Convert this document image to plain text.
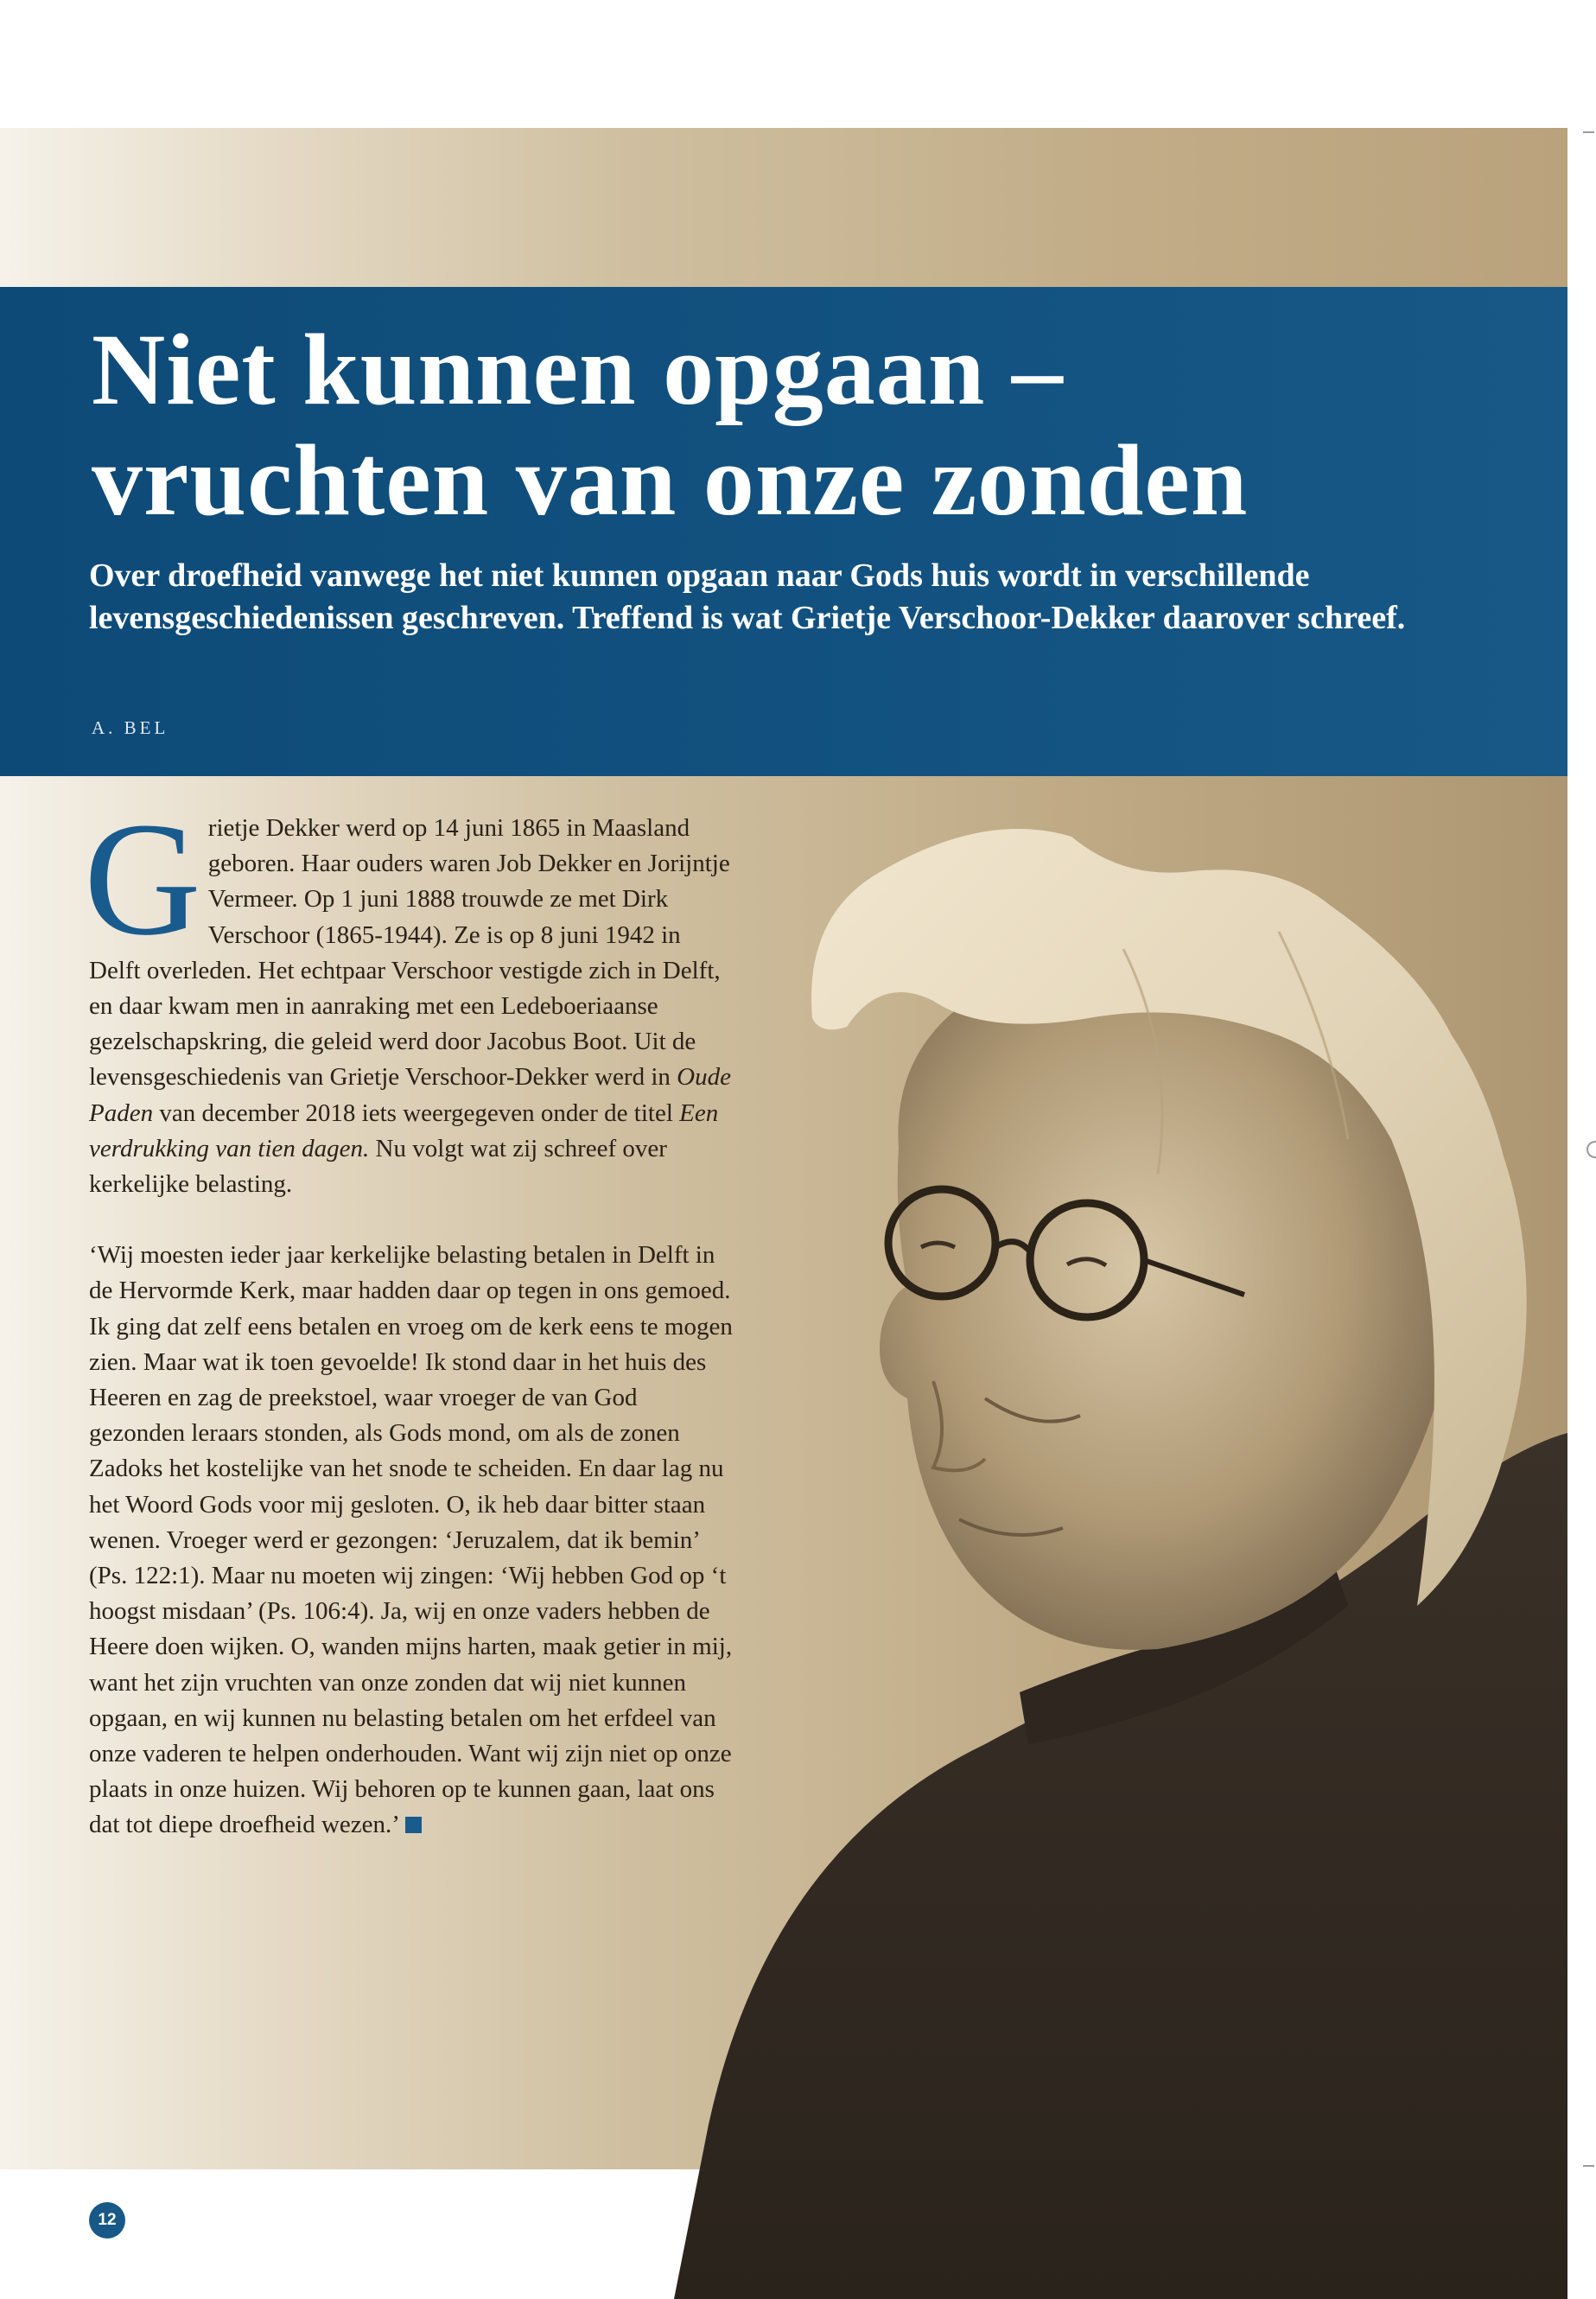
Niet kunnen opgaan –
vruchten van onze zonden

Over droefheid vanwege het niet kunnen opgaan naar Gods huis wordt in verschillende levensgeschiedenissen geschreven. Treffend is wat Grietje Verschoor-Dekker daarover schreef.

A. BEL

Grietje Dekker werd op 14 juni 1865 in Maasland geboren. Haar ouders waren Job Dekker en Jorijntje Vermeer. Op 1 juni 1888 trouwde ze met Dirk Verschoor (1865-1944). Ze is op 8 juni 1942 in Delft overleden. Het echtpaar Verschoor vestigde zich in Delft, en daar kwam men in aanraking met een Ledeboeriaanse gezelschapskring, die geleid werd door Jacobus Boot. Uit de levensgeschiedenis van Grietje Verschoor-Dekker werd in Oude Paden van december 2018 iets weergegeven onder de titel Een verdrukking van tien dagen. Nu volgt wat zij schreef over kerkelijke belasting.

‘Wij moesten ieder jaar kerkelijke belasting betalen in Delft in de Hervormde Kerk, maar hadden daar op tegen in ons gemoed. Ik ging dat zelf eens betalen en vroeg om de kerk eens te mogen zien. Maar wat ik toen gevoelde! Ik stond daar in het huis des Heeren en zag de preekstoel, waar vroeger de van God gezonden leraars stonden, als Gods mond, om als de zonen Zadoks het kostelijke van het snode te scheiden. En daar lag nu het Woord Gods voor mij gesloten. O, ik heb daar bitter staan wenen. Vroeger werd er gezongen: ‘Jeruzalem, dat ik bemin’ (Ps. 122:1). Maar nu moeten wij zingen: ‘Wij hebben God op ‘t hoogst misdaan’ (Ps. 106:4). Ja, wij en onze vaders hebben de Heere doen wijken. O, wanden mijns harten, maak getier in mij, want het zijn vruchten van onze zonden dat wij niet kunnen opgaan, en wij kunnen nu belasting betalen om het erfdeel van onze vaderen te helpen onderhouden. Want wij zijn niet op onze plaats in onze huizen. Wij behoren op te kunnen gaan, laat ons dat tot diepe droefheid wezen.’

12
